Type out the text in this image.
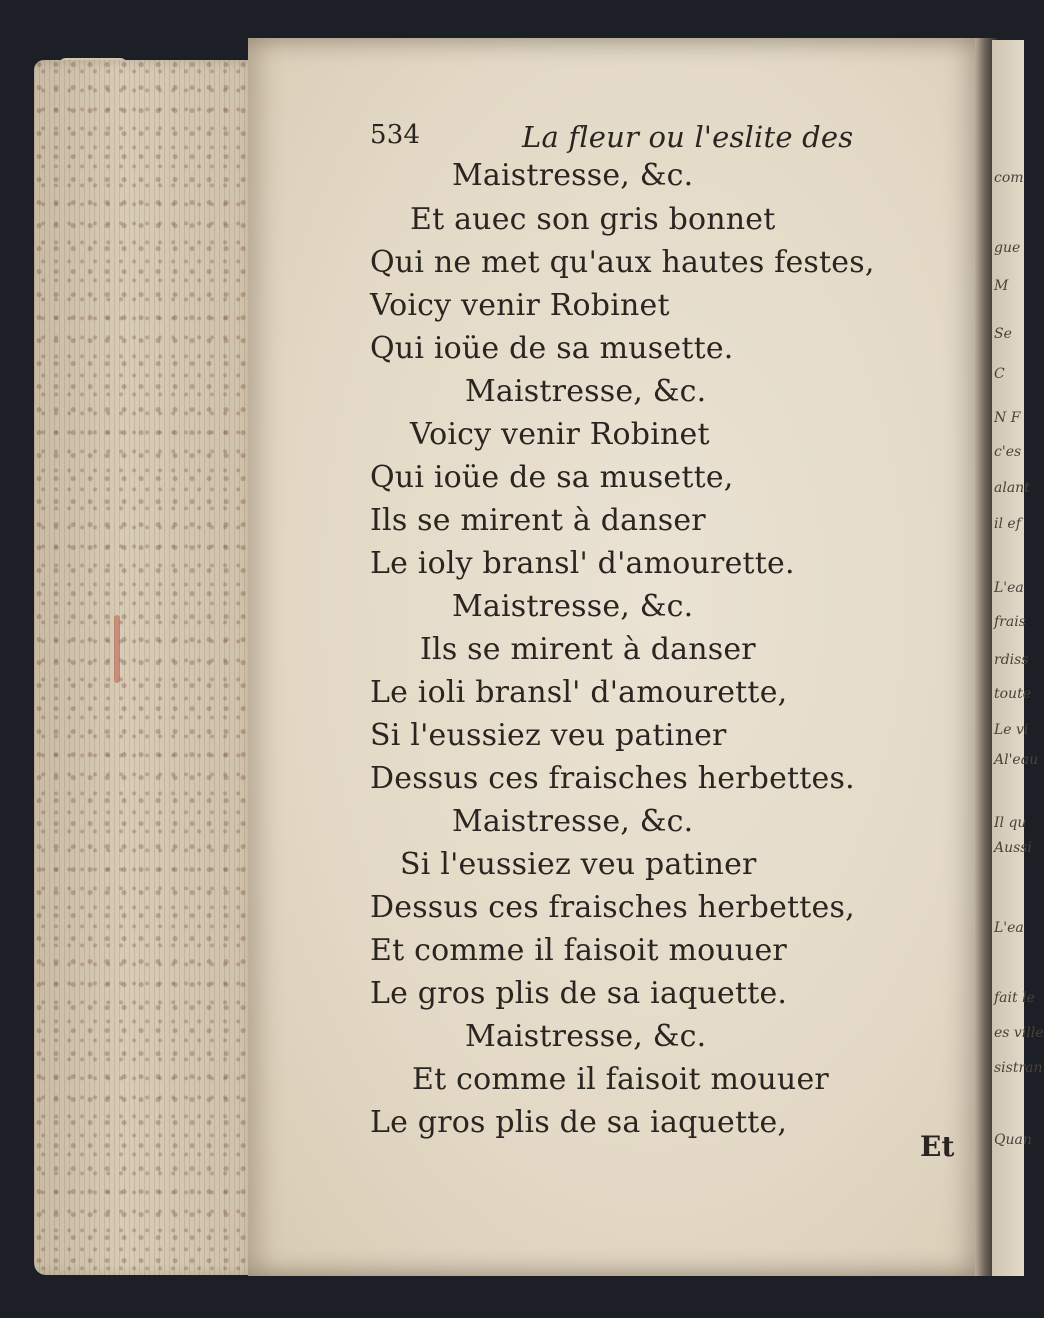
com
gue
M
Se
C
N F
c'es
alant
il ef
L'ea
frais
rdiss
toute
Le vi
Al'eau
Il qu
Aussi
L'ea
fait le
es ville
sistran
Quan
534	La fleur ou l'eslite des
Maistresse, &c.
Et auec son gris bonnet
Qui ne met qu'aux hautes festes,
Voicy venir Robinet
Qui ioüe de sa musette.
Maistresse, &c.
Voicy venir Robinet
Qui ioüe de sa musette,
Ils se mirent à danser
Le ioly bransl' d'amourette.
Maistresse, &c.
Ils se mirent à danser
Le ioli bransl' d'amourette,
Si l'eussiez veu patiner
Dessus ces fraisches herbettes.
Maistresse, &c.
Si l'eussiez veu patiner
Dessus ces fraisches herbettes,
Et comme il faisoit mouuer
Le gros plis de sa iaquette.
Maistresse, &c.
Et comme il faisoit mouuer
Le gros plis de sa iaquette,
Et
